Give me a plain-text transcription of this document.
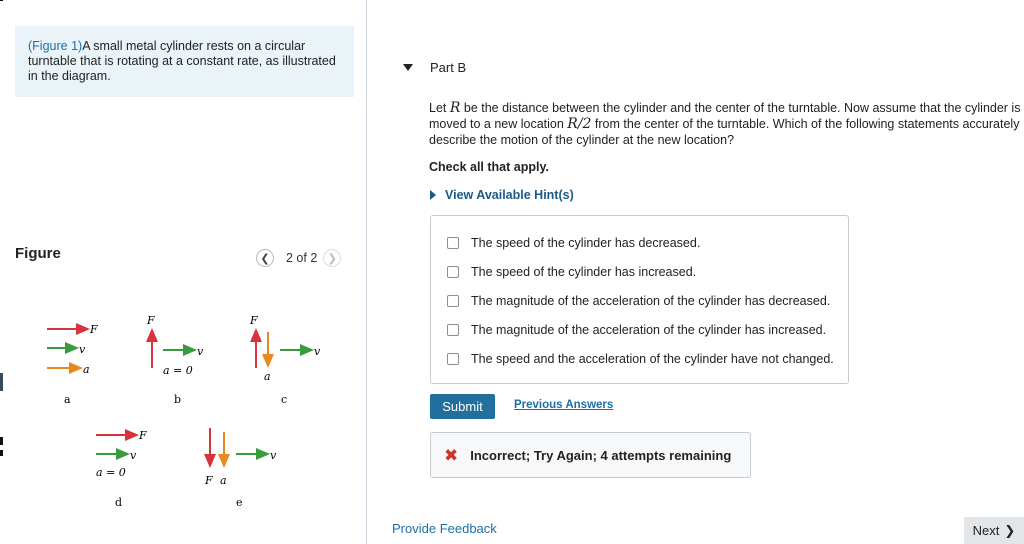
(Figure 1)A small metal cylinder rests on a circular turntable that is rotating at a constant rate, as illustrated in the diagram.
Figure	❮	2 of 2 ❯
F
v
a
a
F
v
a = 0
b
F
a
v
c
F
v
a = 0
d
F a
v
e
Part B
Let R be the distance between the cylinder and the center of the turntable. Now assume that the cylinder is moved to a new location R/2 from the center of the turntable. Which of the following statements accurately describe the motion of the cylinder at the new location?
Check all that apply.
View Available Hint(s)
The speed of the cylinder has decreased.
The speed of the cylinder has increased.
The magnitude of the acceleration of the cylinder has decreased.
The magnitude of the acceleration of the cylinder has increased.
The speed and the acceleration of the cylinder have not changed.
Submit	Previous Answers
✖ Incorrect; Try Again; 4 attempts remaining
Provide Feedback	Next ❯
